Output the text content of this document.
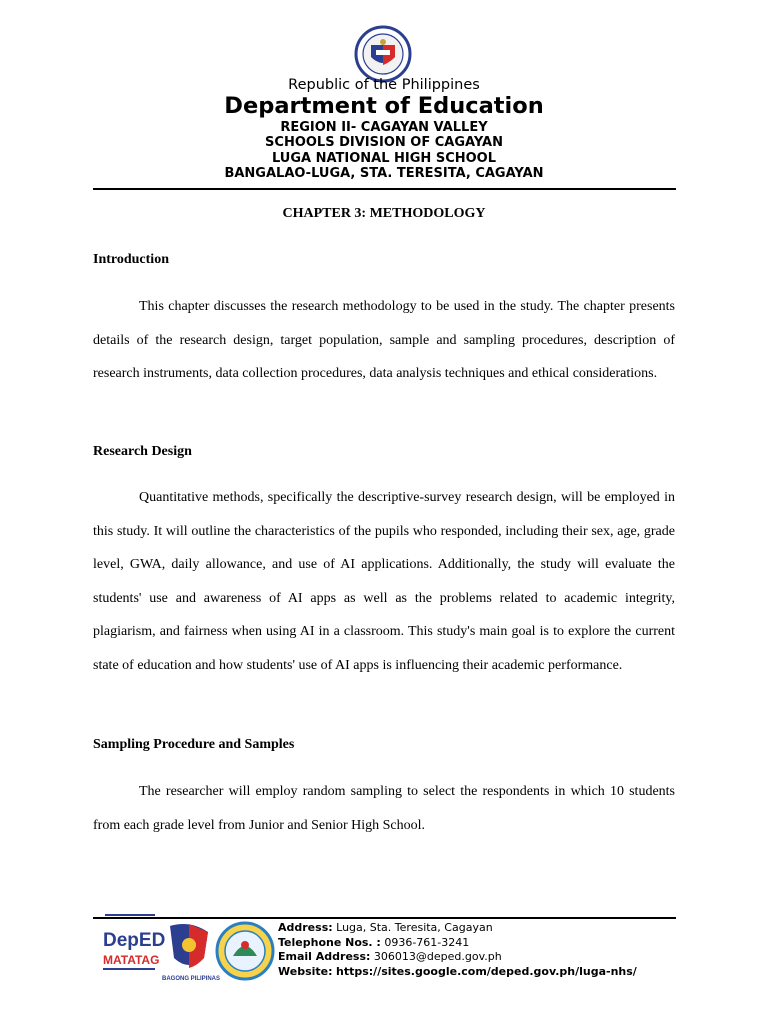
Republic of the Philippines
Department of Education
REGION II- CAGAYAN VALLEY
SCHOOLS DIVISION OF CAGAYAN
LUGA NATIONAL HIGH SCHOOL
BANGALAO-LUGA, STA. TERESITA, CAGAYAN
CHAPTER 3: METHODOLOGY
Introduction

This chapter discusses the research methodology to be used in the study. The chapter presents details of the research design, target population, sample and sampling procedures, description of research instruments, data collection procedures, data analysis techniques and ethical considerations.

Research Design

Quantitative methods, specifically the descriptive-survey research design, will be employed in this study. It will outline the characteristics of the pupils who responded, including their sex, age, grade level, GWA, daily allowance, and use of AI applications. Additionally, the study will evaluate the students' use and awareness of AI apps as well as the problems related to academic integrity, plagiarism, and fairness when using AI in a classroom. This study's main goal is to explore the current state of education and how students' use of AI apps is influencing their academic performance.

Sampling Procedure and Samples

The researcher will employ random sampling to select the respondents in which 10 students from each grade level from Junior and Senior High School.

DepED
MATATAG
BAGONG PILIPINAS
Address: Luga, Sta. Teresita, Cagayan
Telephone Nos. : 0936-761-3241
Email Address: 306013@deped.gov.ph
Website: https://sites.google.com/deped.gov.ph/luga-nhs/
